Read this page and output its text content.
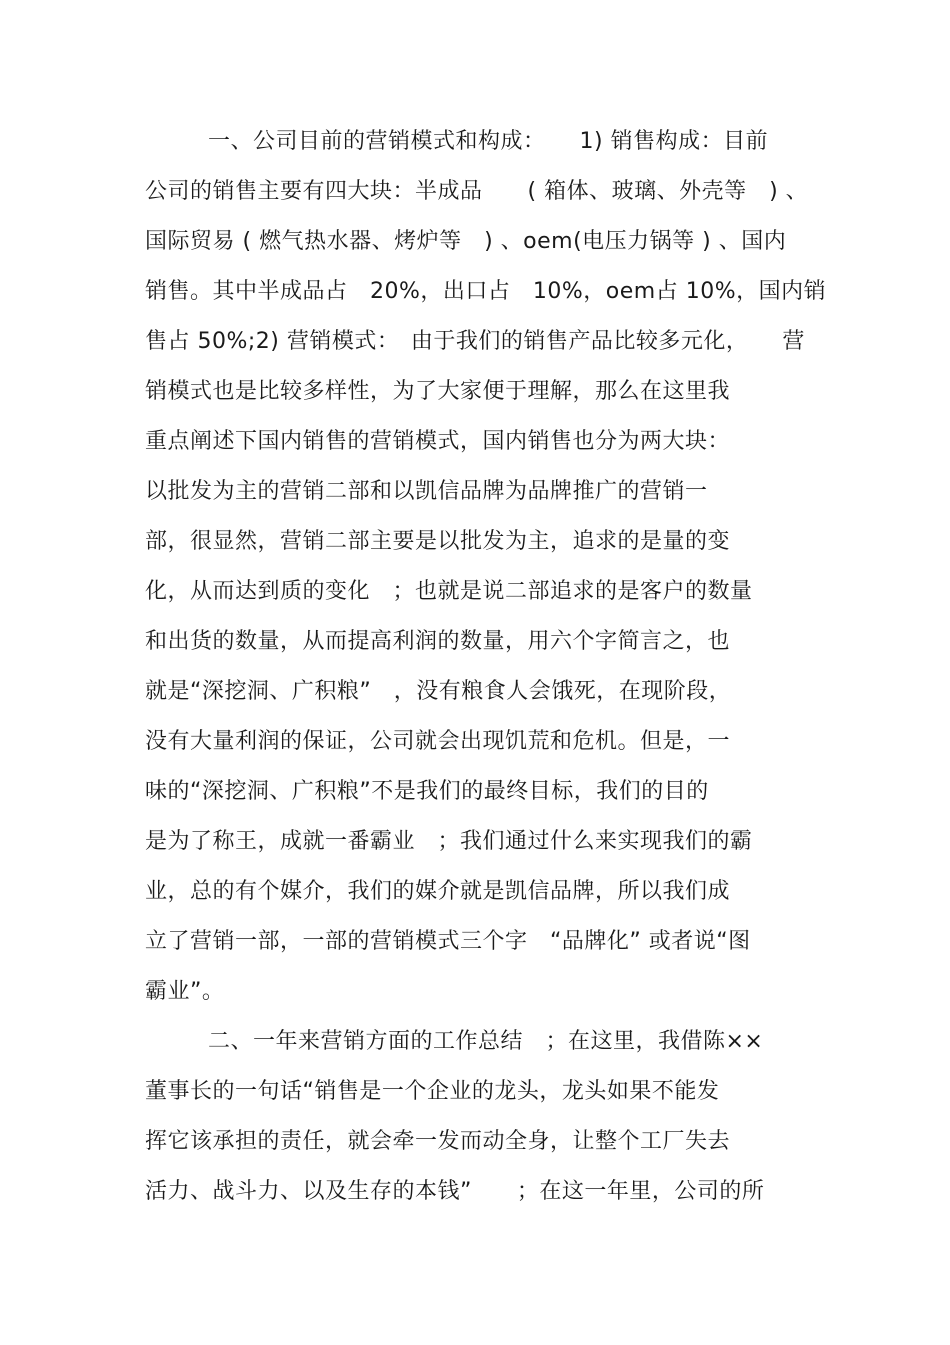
一、公司目前的营销模式和构成：　　1) 销售构成：目前
公司的销售主要有四大块：半成品　　( 箱体、玻璃、外壳等　) 、
国际贸易 ( 燃气热水器、烤炉等　) 、oem(电压力锅等 ) 、国内
销售。其中半成品占　20%，出口占　10%，oem占 10%，国内销
售占 50%;2) 营销模式：　由于我们的销售产品比较多元化，　　营
销模式也是比较多样性，为了大家便于理解，那么在这里我
重点阐述下国内销售的营销模式，国内销售也分为两大块：
以批发为主的营销二部和以凯信品牌为品牌推广的营销一
部，很显然，营销二部主要是以批发为主，追求的是量的变
化，从而达到质的变化　；也就是说二部追求的是客户的数量
和出货的数量，从而提高利润的数量，用六个字简言之，也
就是“深挖洞、广积粮”　，没有粮食人会饿死，在现阶段，
没有大量利润的保证，公司就会出现饥荒和危机。但是，一
味的“深挖洞、广积粮”不是我们的最终目标，我们的目的
是为了称王，成就一番霸业　；我们通过什么来实现我们的霸
业，总的有个媒介，我们的媒介就是凯信品牌，所以我们成
立了营销一部，一部的营销模式三个字　“品牌化” 或者说“图
霸业”。
二、一年来营销方面的工作总结　；在这里，我借陈××
董事长的一句话“销售是一个企业的龙头，龙头如果不能发
挥它该承担的责任，就会牵一发而动全身，让整个工厂失去
活力、战斗力、以及生存的本钱”　　；在这一年里，公司的所
